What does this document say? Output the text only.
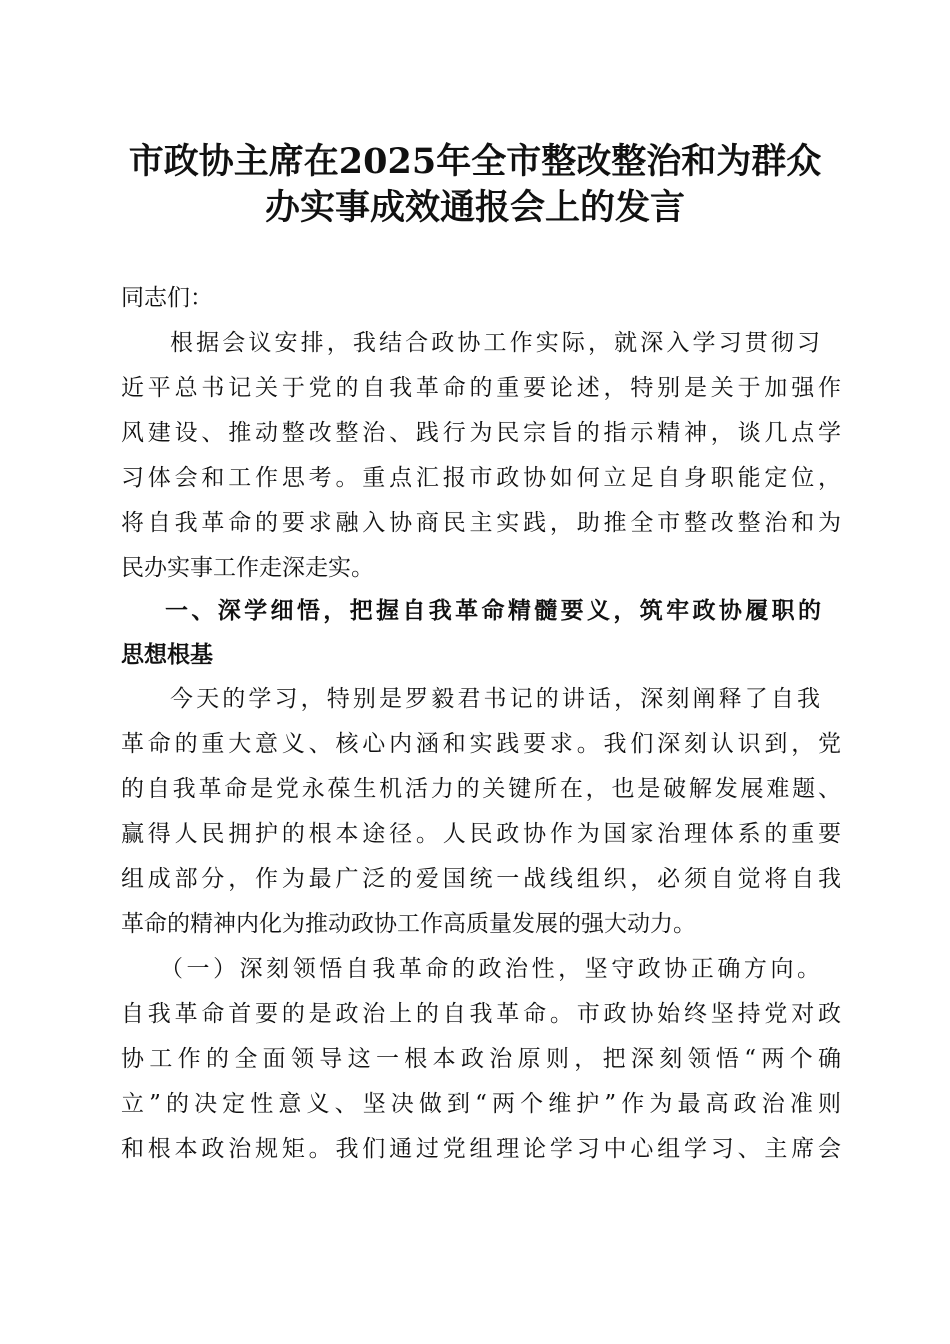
市政协主席在2025年全市整改整治和为群众
办实事成效通报会上的发言
同志们：
根据会议安排，我结合政协工作实际，就深入学习贯彻习
近平总书记关于党的自我革命的重要论述，特别是关于加强作
风建设、推动整改整治、践行为民宗旨的指示精神，谈几点学
习体会和工作思考。重点汇报市政协如何立足自身职能定位，
将自我革命的要求融入协商民主实践，助推全市整改整治和为
民办实事工作走深走实。
一、深学细悟，把握自我革命精髓要义，筑牢政协履职的
思想根基
今天的学习，特别是罗毅君书记的讲话，深刻阐释了自我
革命的重大意义、核心内涵和实践要求。我们深刻认识到，党
的自我革命是党永葆生机活力的关键所在，也是破解发展难题、
赢得人民拥护的根本途径。人民政协作为国家治理体系的重要
组成部分，作为最广泛的爱国统一战线组织，必须自觉将自我
革命的精神内化为推动政协工作高质量发展的强大动力。
（一）深刻领悟自我革命的政治性，坚守政协正确方向。
自我革命首要的是政治上的自我革命。市政协始终坚持党对政
协工作的全面领导这一根本政治原则，把深刻领悟“两个确
立”的决定性意义、坚决做到“两个维护”作为最高政治准则
和根本政治规矩。我们通过党组理论学习中心组学习、主席会
